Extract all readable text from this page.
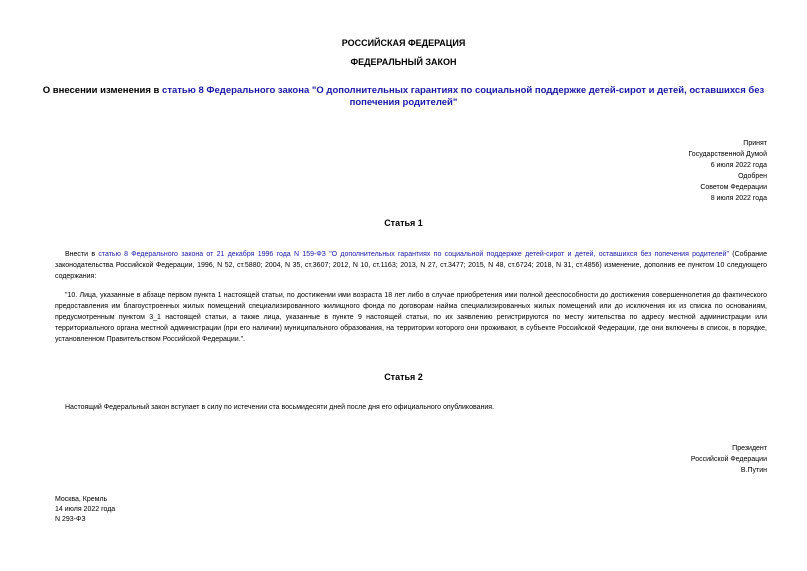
РОССИЙСКАЯ ФЕДЕРАЦИЯ
ФЕДЕРАЛЬНЫЙ ЗАКОН
О внесении изменения в статью 8 Федерального закона "О дополнительных гарантиях по социальной поддержке детей-сирот и детей, оставшихся без попечения родителей"
Принят
Государственной Думой
6 июля 2022 года
Одобрен
Советом Федерации
8 июля 2022 года
Статья 1
Внести в статью 8 Федерального закона от 21 декабря 1996 года N 159-ФЗ "О дополнительных гарантиях по социальной поддержке детей-сирот и детей, оставшихся без попечения родителей" (Собрание законодательства Российской Федерации, 1996, N 52, ст.5880; 2004, N 35, ст.3607; 2012, N 10, ст.1163; 2013, N 27, ст.3477; 2015, N 48, ст.6724; 2018, N 31, ст.4856) изменение, дополнив ее пунктом 10 следующего содержания:
"10. Лица, указанные в абзаце первом пункта 1 настоящей статьи, по достижении ими возраста 18 лет либо в случае приобретения ими полной дееспособности до достижения совершеннолетия до фактического предоставления им благоустроенных жилых помещений специализированного жилищного фонда по договорам найма специализированных жилых помещений или до исключения их из списка по основаниям, предусмотренным пунктом 3_1 настоящей статьи, а также лица, указанные в пункте 9 настоящей статьи, по их заявлению регистрируются по месту жительства по адресу местной администрации или территориального органа местной администрации (при его наличии) муниципального образования, на территории которого они проживают, в субъекте Российской Федерации, где они включены в список, в порядке, установленном Правительством Российской Федерации.".
Статья 2
Настоящий Федеральный закон вступает в силу по истечении ста восьмидесяти дней после дня его официального опубликования.
Президент
Российской Федерации
В.Путин
Москва, Кремль
14 июля 2022 года
N 293-ФЗ
